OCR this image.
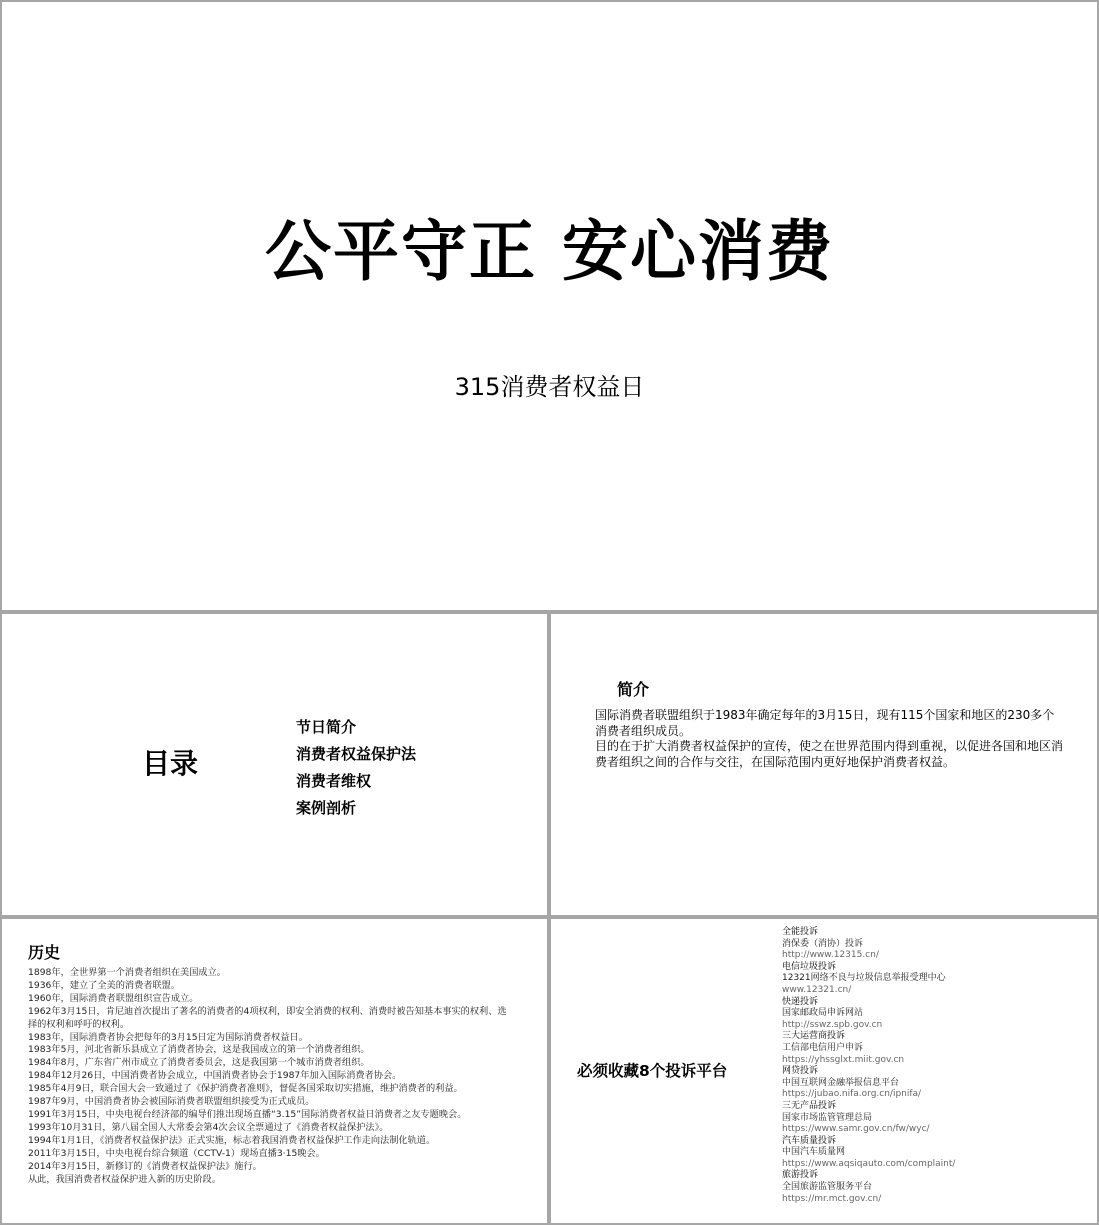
公平守正 安心消费

315消费者权益日

目录
节日简介
消费者权益保护法
消费者维权
案例剖析
简介

国际消费者联盟组织于1983年确定每年的3月15日，现有115个国家和地区的230多个消费者组织成员。

目的在于扩大消费者权益保护的宣传，使之在世界范围内得到重视，以促进各国和地区消费者组织之间的合作与交往，在国际范围内更好地保护消费者权益。

历史
1898年，全世界第一个消费者组织在美国成立。
1936年，建立了全美的消费者联盟。
1960年，国际消费者联盟组织宣告成立。
1962年3月15日，肯尼迪首次提出了著名的消费者的4项权利，即安全消费的权利、消费时被告知基本事实的权利、选择的权利和呼吁的权利。
1983年，国际消费者协会把每年的3月15日定为国际消费者权益日。
1983年5月，河北省新乐县成立了消费者协会，这是我国成立的第一个消费者组织。
1984年8月，广东省广州市成立了消费者委员会，这是我国第一个城市消费者组织。
1984年12月26日，中国消费者协会成立，中国消费者协会于1987年加入国际消费者协会。
1985年4月9日，联合国大会一致通过了《保护消费者准则》，督促各国采取切实措施，维护消费者的利益。
1987年9月，中国消费者协会被国际消费者联盟组织接受为正式成员。
1991年3月15日，中央电视台经济部的编导们推出现场直播“3.15”国际消费者权益日消费者之友专题晚会。
1993年10月31日，第八届全国人大常委会第4次会议全票通过了《消费者权益保护法》。
1994年1月1日，《消费者权益保护法》正式实施，标志着我国消费者权益保护工作走向法制化轨道。
2011年3月15日，中央电视台综合频道（CCTV-1）现场直播3·15晚会。
2014年3月15日，新修订的《消费者权益保护法》施行。
从此，我国消费者权益保护进入新的历史阶段。
必须收藏8个投诉平台
全能投诉
消保委（消协）投诉
http://www.12315.cn/
电信垃圾投诉
12321网络不良与垃圾信息举报受理中心
www.12321.cn/
快递投诉
国家邮政局申诉网站
http://sswz.spb.gov.cn
三大运营商投诉
工信部电信用户申诉
https://yhssglxt.miit.gov.cn
网贷投诉
中国互联网金融举报信息平台
https://jubao.nifa.org.cn/ipnifa/
三无产品投诉
国家市场监管管理总局
https://www.samr.gov.cn/fw/wyc/
汽车质量投诉
中国汽车质量网
https://www.aqsiqauto.com/complaint/
旅游投诉
全国旅游监管服务平台
https://mr.mct.gov.cn/
